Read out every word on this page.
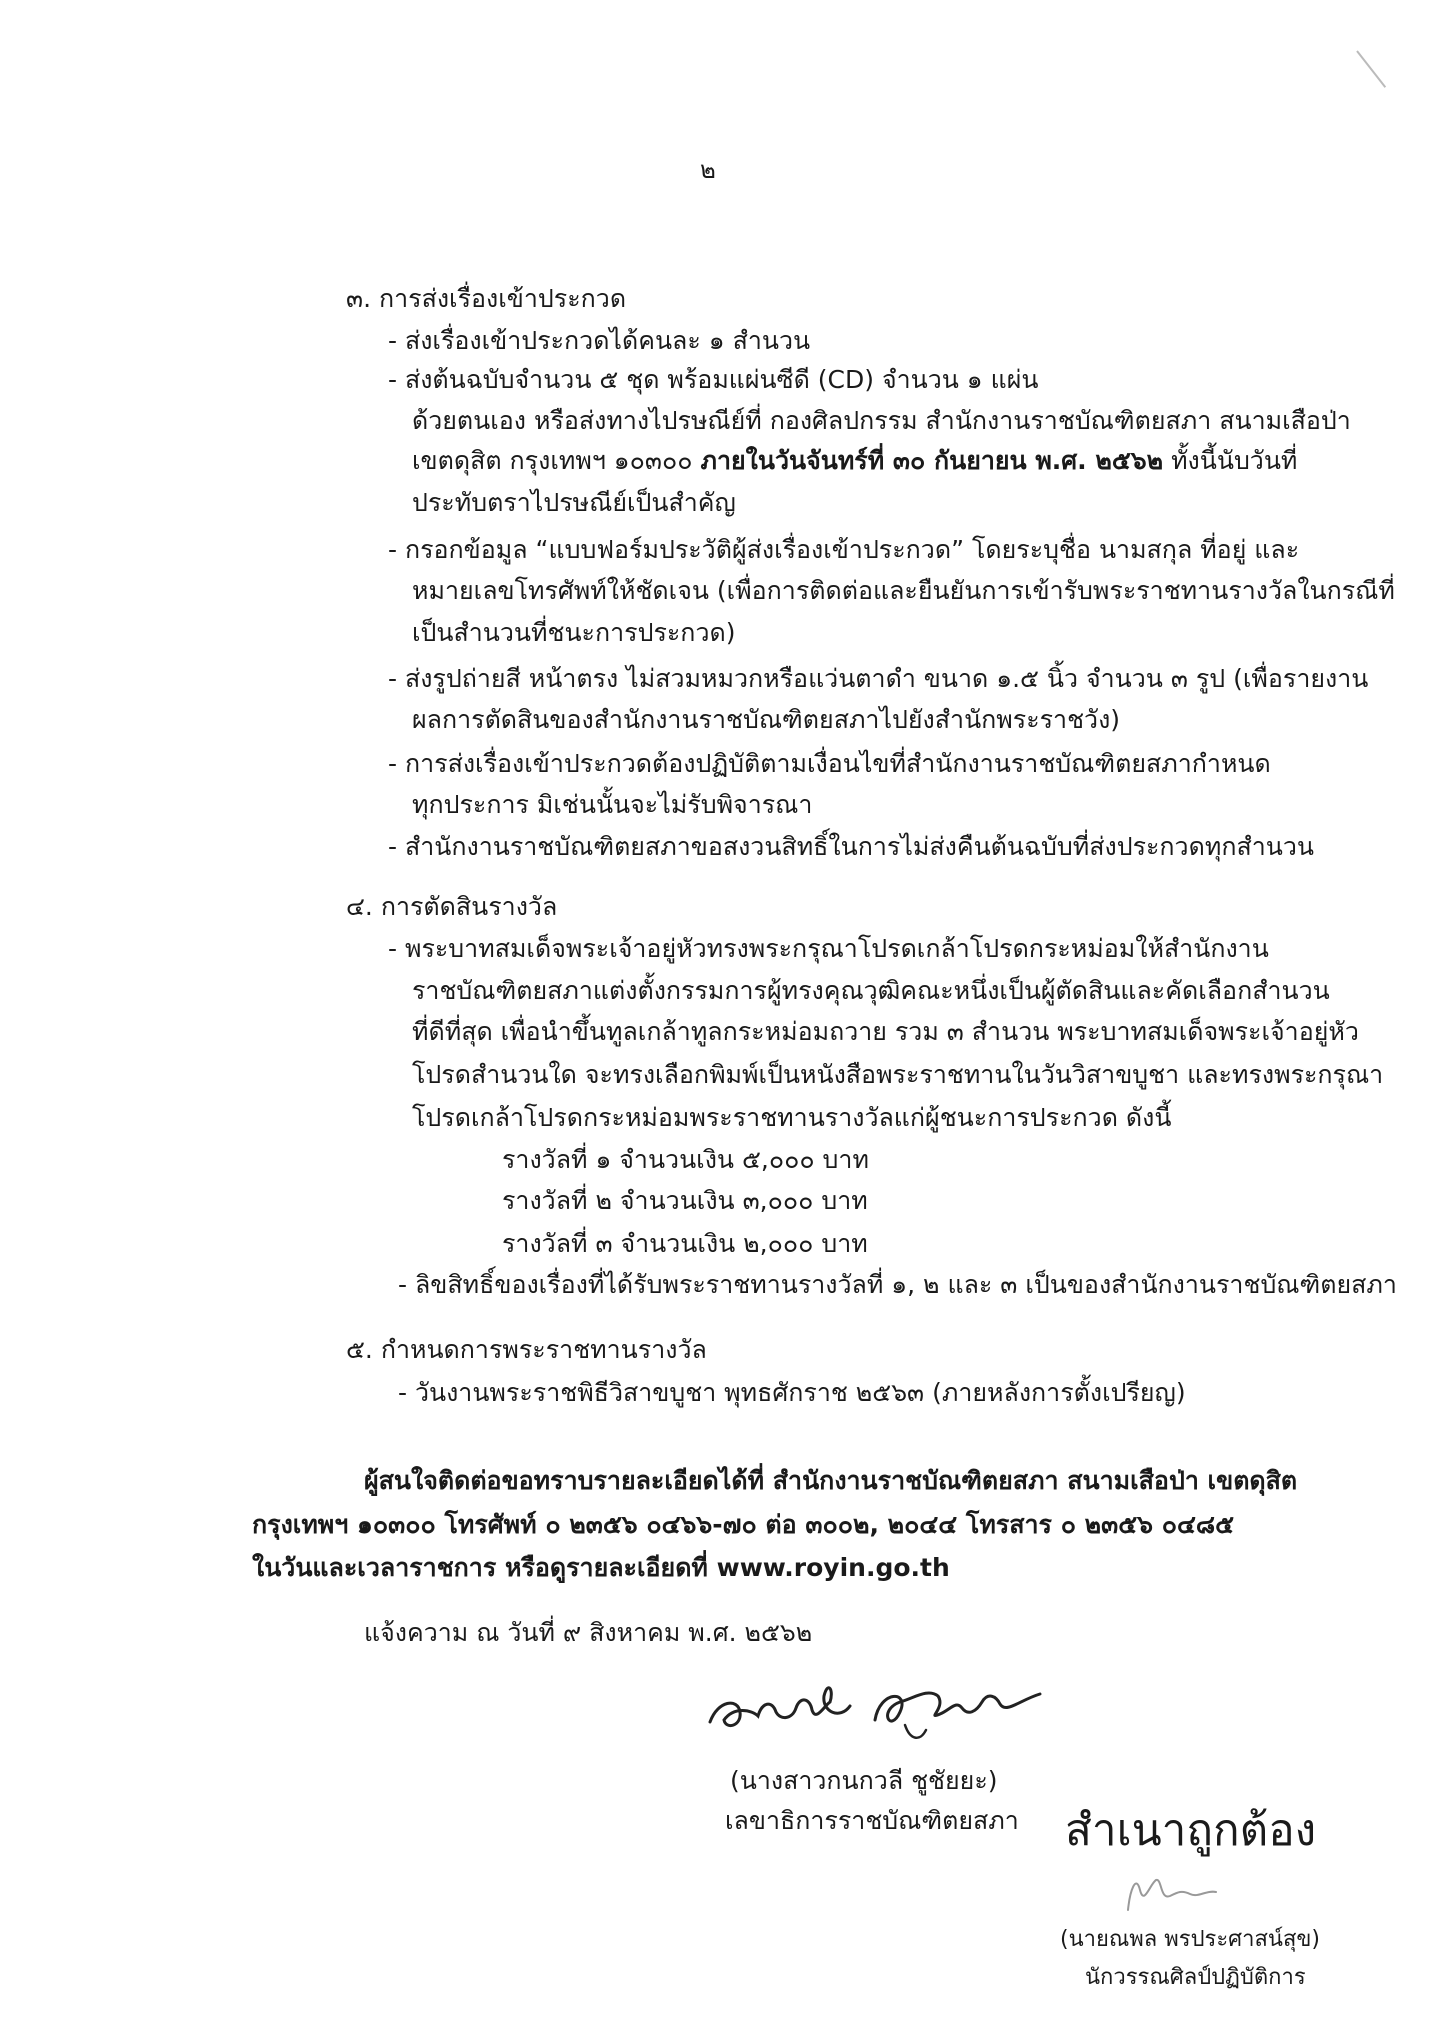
๒
๓. การส่งเรื่องเข้าประกวด
- ส่งเรื่องเข้าประกวดได้คนละ ๑ สำนวน
- ส่งต้นฉบับจำนวน ๕ ชุด พร้อมแผ่นซีดี (CD) จำนวน ๑ แผ่น
ด้วยตนเอง หรือส่งทางไปรษณีย์ที่ กองศิลปกรรม สำนักงานราชบัณฑิตยสภา สนามเสือป่า
เขตดุสิต กรุงเทพฯ ๑๐๓๐๐ ภายในวันจันทร์ที่ ๓๐ กันยายน พ.ศ. ๒๕๖๒ ทั้งนี้นับวันที่
ประทับตราไปรษณีย์เป็นสำคัญ
- กรอกข้อมูล “แบบฟอร์มประวัติผู้ส่งเรื่องเข้าประกวด” โดยระบุชื่อ นามสกุล ที่อยู่ และ
หมายเลขโทรศัพท์ให้ชัดเจน (เพื่อการติดต่อและยืนยันการเข้ารับพระราชทานรางวัลในกรณีที่
เป็นสำนวนที่ชนะการประกวด)
- ส่งรูปถ่ายสี หน้าตรง ไม่สวมหมวกหรือแว่นตาดำ ขนาด ๑.๕ นิ้ว จำนวน ๓ รูป (เพื่อรายงาน
ผลการตัดสินของสำนักงานราชบัณฑิตยสภาไปยังสำนักพระราชวัง)
- การส่งเรื่องเข้าประกวดต้องปฏิบัติตามเงื่อนไขที่สำนักงานราชบัณฑิตยสภากำหนด
ทุกประการ มิเช่นนั้นจะไม่รับพิจารณา
- สำนักงานราชบัณฑิตยสภาขอสงวนสิทธิ์ในการไม่ส่งคืนต้นฉบับที่ส่งประกวดทุกสำนวน
๔. การตัดสินรางวัล
- พระบาทสมเด็จพระเจ้าอยู่หัวทรงพระกรุณาโปรดเกล้าโปรดกระหม่อมให้สำนักงาน
ราชบัณฑิตยสภาแต่งตั้งกรรมการผู้ทรงคุณวุฒิคณะหนึ่งเป็นผู้ตัดสินและคัดเลือกสำนวน
ที่ดีที่สุด เพื่อนำขึ้นทูลเกล้าทูลกระหม่อมถวาย รวม ๓ สำนวน พระบาทสมเด็จพระเจ้าอยู่หัว
โปรดสำนวนใด จะทรงเลือกพิมพ์เป็นหนังสือพระราชทานในวันวิสาขบูชา และทรงพระกรุณา
โปรดเกล้าโปรดกระหม่อมพระราชทานรางวัลแก่ผู้ชนะการประกวด ดังนี้
รางวัลที่ ๑ จำนวนเงิน ๕,๐๐๐ บาท
รางวัลที่ ๒ จำนวนเงิน ๓,๐๐๐ บาท
รางวัลที่ ๓ จำนวนเงิน ๒,๐๐๐ บาท
- ลิขสิทธิ์ของเรื่องที่ได้รับพระราชทานรางวัลที่ ๑, ๒ และ ๓ เป็นของสำนักงานราชบัณฑิตยสภา
๕. กำหนดการพระราชทานรางวัล
- วันงานพระราชพิธีวิสาขบูชา พุทธศักราช ๒๕๖๓ (ภายหลังการตั้งเปรียญ)
ผู้สนใจติดต่อขอทราบรายละเอียดได้ที่ สำนักงานราชบัณฑิตยสภา สนามเสือป่า เขตดุสิต
กรุงเทพฯ ๑๐๓๐๐ โทรศัพท์ ๐ ๒๓๕๖ ๐๔๖๖-๗๐ ต่อ ๓๐๐๒, ๒๐๔๔ โทรสาร ๐ ๒๓๕๖ ๐๔๘๕
ในวันและเวลาราชการ หรือดูรายละเอียดที่ www.royin.go.th
แจ้งความ ณ วันที่ ๙ สิงหาคม พ.ศ. ๒๕๖๒
(นางสาวกนกวลี ชูชัยยะ)
เลขาธิการราชบัณฑิตยสภา สำเนาถูกต้อง
(นายณพล พรประศาสน์สุข)
นักวรรณศิลป์ปฏิบัติการ
